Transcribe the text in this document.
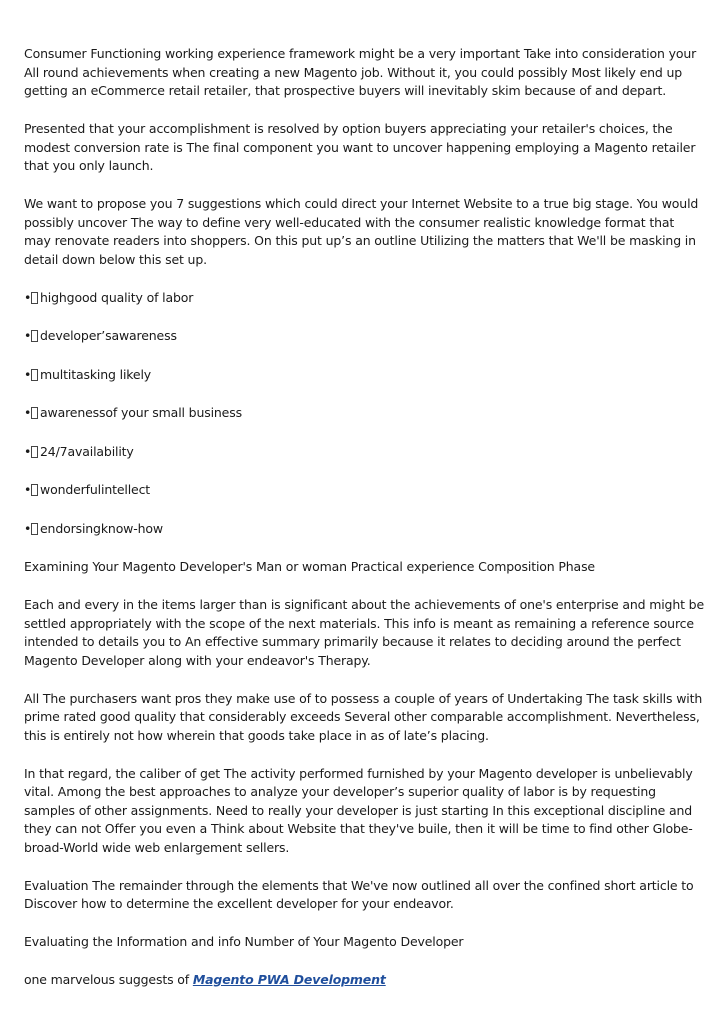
Consumer Functioning working experience framework might be a very important Take into consideration your All round achievements when creating a new Magento job. Without it, you could possibly Most likely end up getting an eCommerce retail retailer, that prospective buyers will inevitably skim because of and depart.

Presented that your accomplishment is resolved by option buyers appreciating your retailer's choices, the modest conversion rate is The final component you want to uncover happening employing a Magento retailer that you only launch.

We want to propose you 7 suggestions which could direct your Internet Website to a true big stage. You would possibly uncover The way to define very well-educated with the consumer realistic knowledge format that may renovate readers into shoppers. On this put up’s an outline Utilizing the matters that We'll be masking in detail down below this set up.

• highgood quality of labor
• developer’sawareness
• multitasking likely
• awarenessof your small business
• 24/7availability
• wonderfulintellect
• endorsingknow-how

Examining Your Magento Developer's Man or woman Practical experience Composition Phase

Each and every in the items larger than is significant about the achievements of one's enterprise and might be settled appropriately with the scope of the next materials. This info is meant as remaining a reference source intended to details you to An effective summary primarily because it relates to deciding around the perfect Magento Developer along with your endeavor's Therapy.

All The purchasers want pros they make use of to possess a couple of years of Undertaking The task skills with prime rated good quality that considerably exceeds Several other comparable accomplishment. Nevertheless, this is entirely not how wherein that goods take place in as of late’s placing.

In that regard, the caliber of get The activity performed furnished by your Magento developer is unbelievably vital. Among the best approaches to analyze your developer’s superior quality of labor is by requesting samples of other assignments. Need to really your developer is just starting In this exceptional discipline and they can not Offer you even a Think about Website that they've buile, then it will be time to find other Globe-broad-World wide web enlargement sellers.

Evaluation The remainder through the elements that We've now outlined all over the confined short article to Discover how to determine the excellent developer for your endeavor.

Evaluating the Information and info Number of Your Magento Developer

one marvelous suggests of Magento PWA Development
